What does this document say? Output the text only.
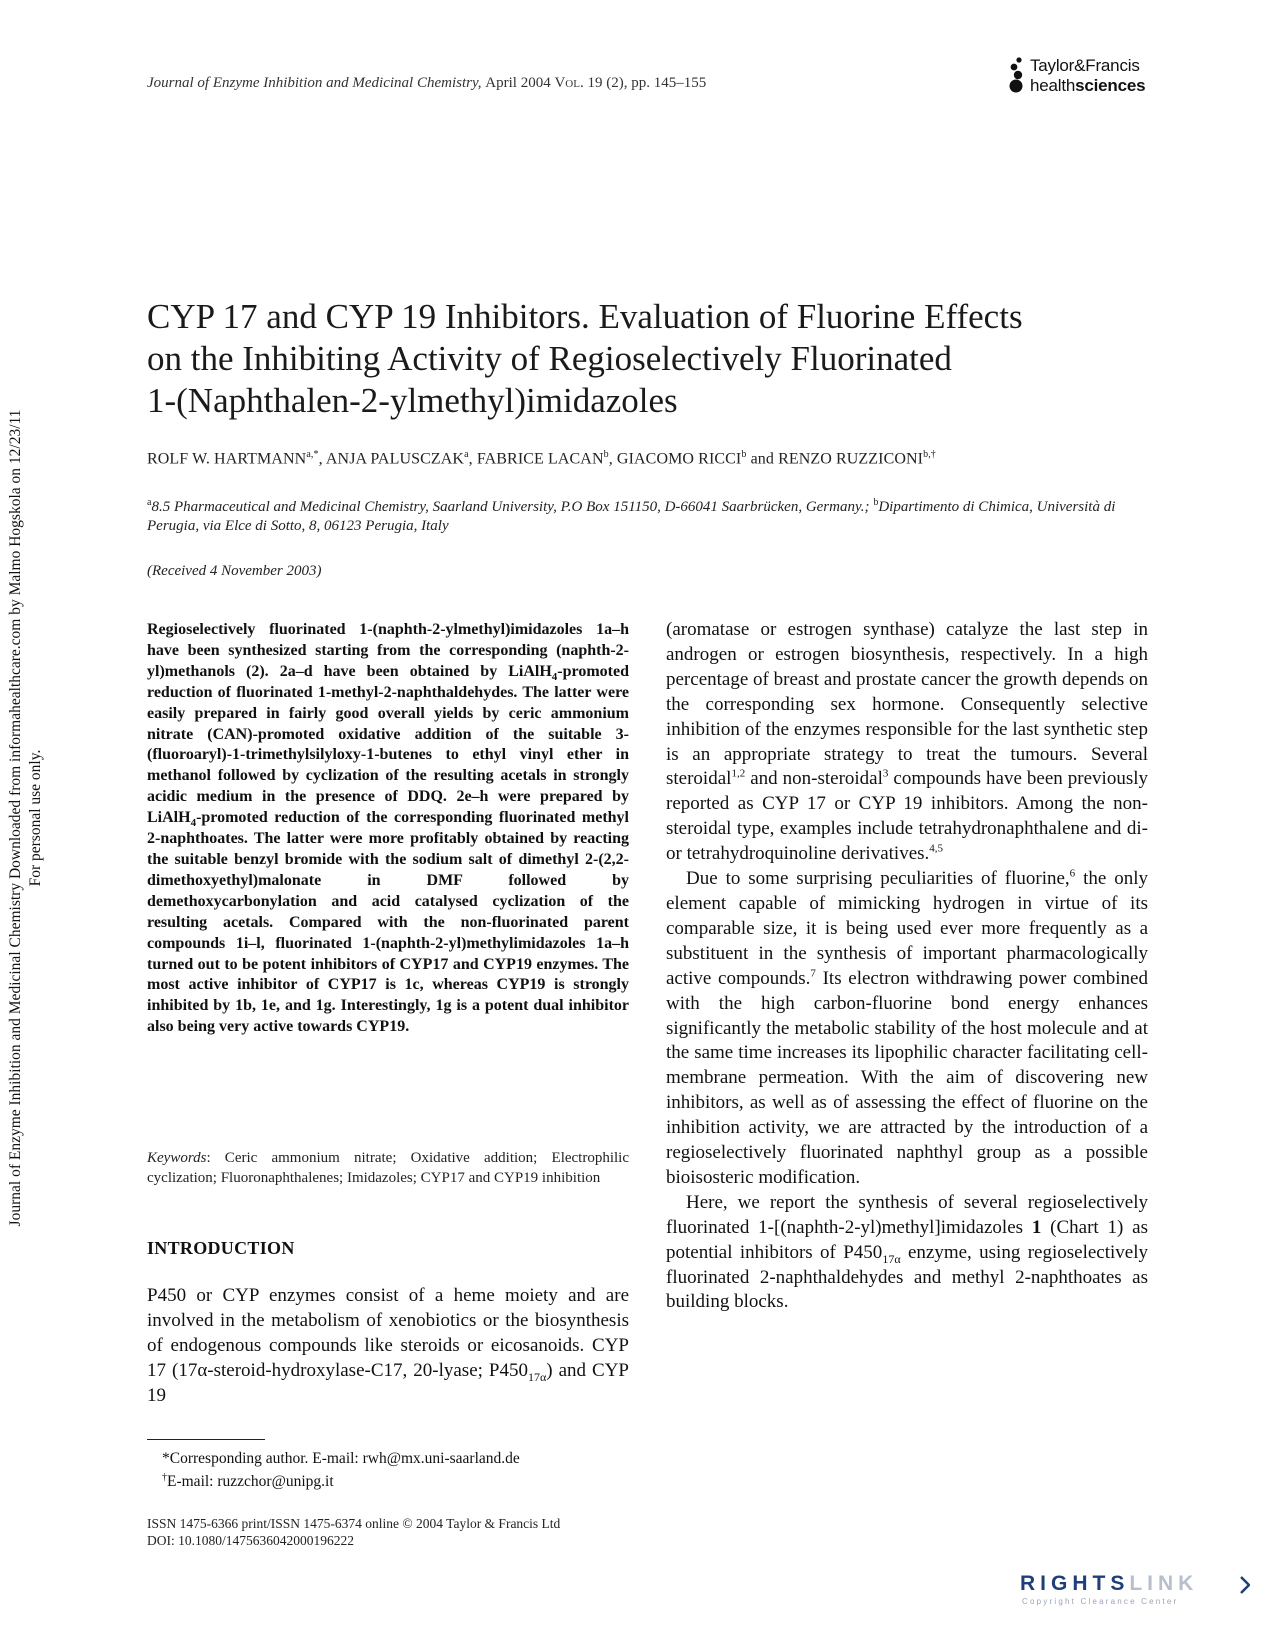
Journal of Enzyme Inhibition and Medicinal Chemistry, April 2004 Vol. 19 (2), pp. 145–155
Taylor&Francis
healthsciences
Journal of Enzyme Inhibition and Medicinal Chemistry Downloaded from informahealthcare.com by Malmo Hogskola on 12/23/11 For personal use only.
CYP 17 and CYP 19 Inhibitors. Evaluation of Fluorine Effects
on the Inhibiting Activity of Regioselectively Fluorinated
1-(Naphthalen-2-ylmethyl)imidazoles
ROLF W. $HARTMANN^{a,*}$, ANJA PALUSCZAK$^a$, FABRICE LACAN$^b$, GIACOMO RICCI$^b$ and RENZO $RUZZICONI^{b,\dagger}$
$^a$8.5 Pharmaceutical and Medicinal Chemistry, Saarland University, P.O Box 151150, D-66041 Saarbrücken, Germany.; $^b$Dipartimento di Chimica, Università di Perugia, via Elce di Sotto, 8, 06123 Perugia, Italy
(Received 4 November 2003)
Regioselectively fluorinated 1-(naphth-2-ylmethyl)imidazoles 1a–h have been synthesized starting from the corresponding (naphth-2-yl)methanols (2). 2a–d have been obtained by LiAlH$_4$-promoted reduction of fluorinated 1-methyl-2-naphthaldehydes. The latter were easily prepared in fairly good overall yields by ceric ammonium nitrate (CAN)-promoted oxidative addition of the suitable 3-(fluoroaryl)-1-trimethylsilyloxy-1-butenes to ethyl vinyl ether in methanol followed by cyclization of the resulting acetals in strongly acidic medium in the presence of DDQ. 2e–h were prepared by LiAlH$_4$-promoted reduction of the corresponding fluorinated methyl 2-naphthoates. The latter were more profitably obtained by reacting the suitable benzyl bromide with the sodium salt of dimethyl 2-(2,2-dimethoxyethyl)malonate in DMF followed by demethoxycarbonylation and acid catalysed cyclization of the resulting acetals. Compared with the non-fluorinated parent compounds 1i–l, fluorinated 1-(naphth-2-yl)methylimidazoles 1a–h turned out to be potent inhibitors of CYP17 and CYP19 enzymes. The most active inhibitor of CYP17 is 1c, whereas CYP19 is strongly inhibited by 1b, 1e, and 1g. Interestingly, 1g is a potent dual inhibitor also being very active towards CYP19.
Keywords: Ceric ammonium nitrate; Oxidative addition; Electrophilic cyclization; Fluoronaphthalenes; Imidazoles; CYP17 and CYP19 inhibition
INTRODUCTION

P450 or CYP enzymes consist of a heme moiety and are involved in the metabolism of xenobiotics or the biosynthesis of endogenous compounds like steroids or eicosanoids. CYP 17 (17α-steroid-hydroxylase-C17, 20-lyase; $P450_{17\alpha}$) and CYP 19

(aromatase or estrogen synthase) catalyze the last step in androgen or estrogen biosynthesis, respectively. In a high percentage of breast and prostate cancer the growth depends on the corresponding sex hormone. Consequently selective inhibition of the enzymes responsible for the last synthetic step is an appropriate strategy to treat the tumours. Several steroidal$^{1,2}$ and non-steroidal$^3$ compounds have been previously reported as CYP 17 or CYP 19 inhibitors. Among the non-steroidal type, examples include tetrahydronaphthalene and di- or tetrahydroquinoline derivatives.$^{4,5}$

Due to some surprising peculiarities of fluorine,$^6$ the only element capable of mimicking hydrogen in virtue of its comparable size, it is being used ever more frequently as a substituent in the synthesis of important pharmacologically active compounds.$^7$ Its electron withdrawing power combined with the high carbon-fluorine bond energy enhances significantly the metabolic stability of the host molecule and at the same time increases its lipophilic character facilitating cell-membrane permeation. With the aim of discovering new inhibitors, as well as of assessing the effect of fluorine on the inhibition activity, we are attracted by the introduction of a regioselectively fluorinated naphthyl group as a possible bioisosteric modification.

Here, we report the synthesis of several regioselectively fluorinated 1-[(naphth-2-yl)methyl]imidazoles 1 (Chart 1) as potential inhibitors of $P450_{17\alpha}$ enzyme, using regioselectively fluorinated 2-naphthaldehydes and methyl 2-naphthoates as building blocks.

*Corresponding author. E-mail: rwh@mx.uni-saarland.de
†E-mail: ruzzchor@unipg.it
ISSN 1475-6366 print/ISSN 1475-6374 online © 2004 Taylor & Francis Ltd
DOI: 10.1080/1475636042000196222
RIGHTSLINK
Copyright Clearance Center
